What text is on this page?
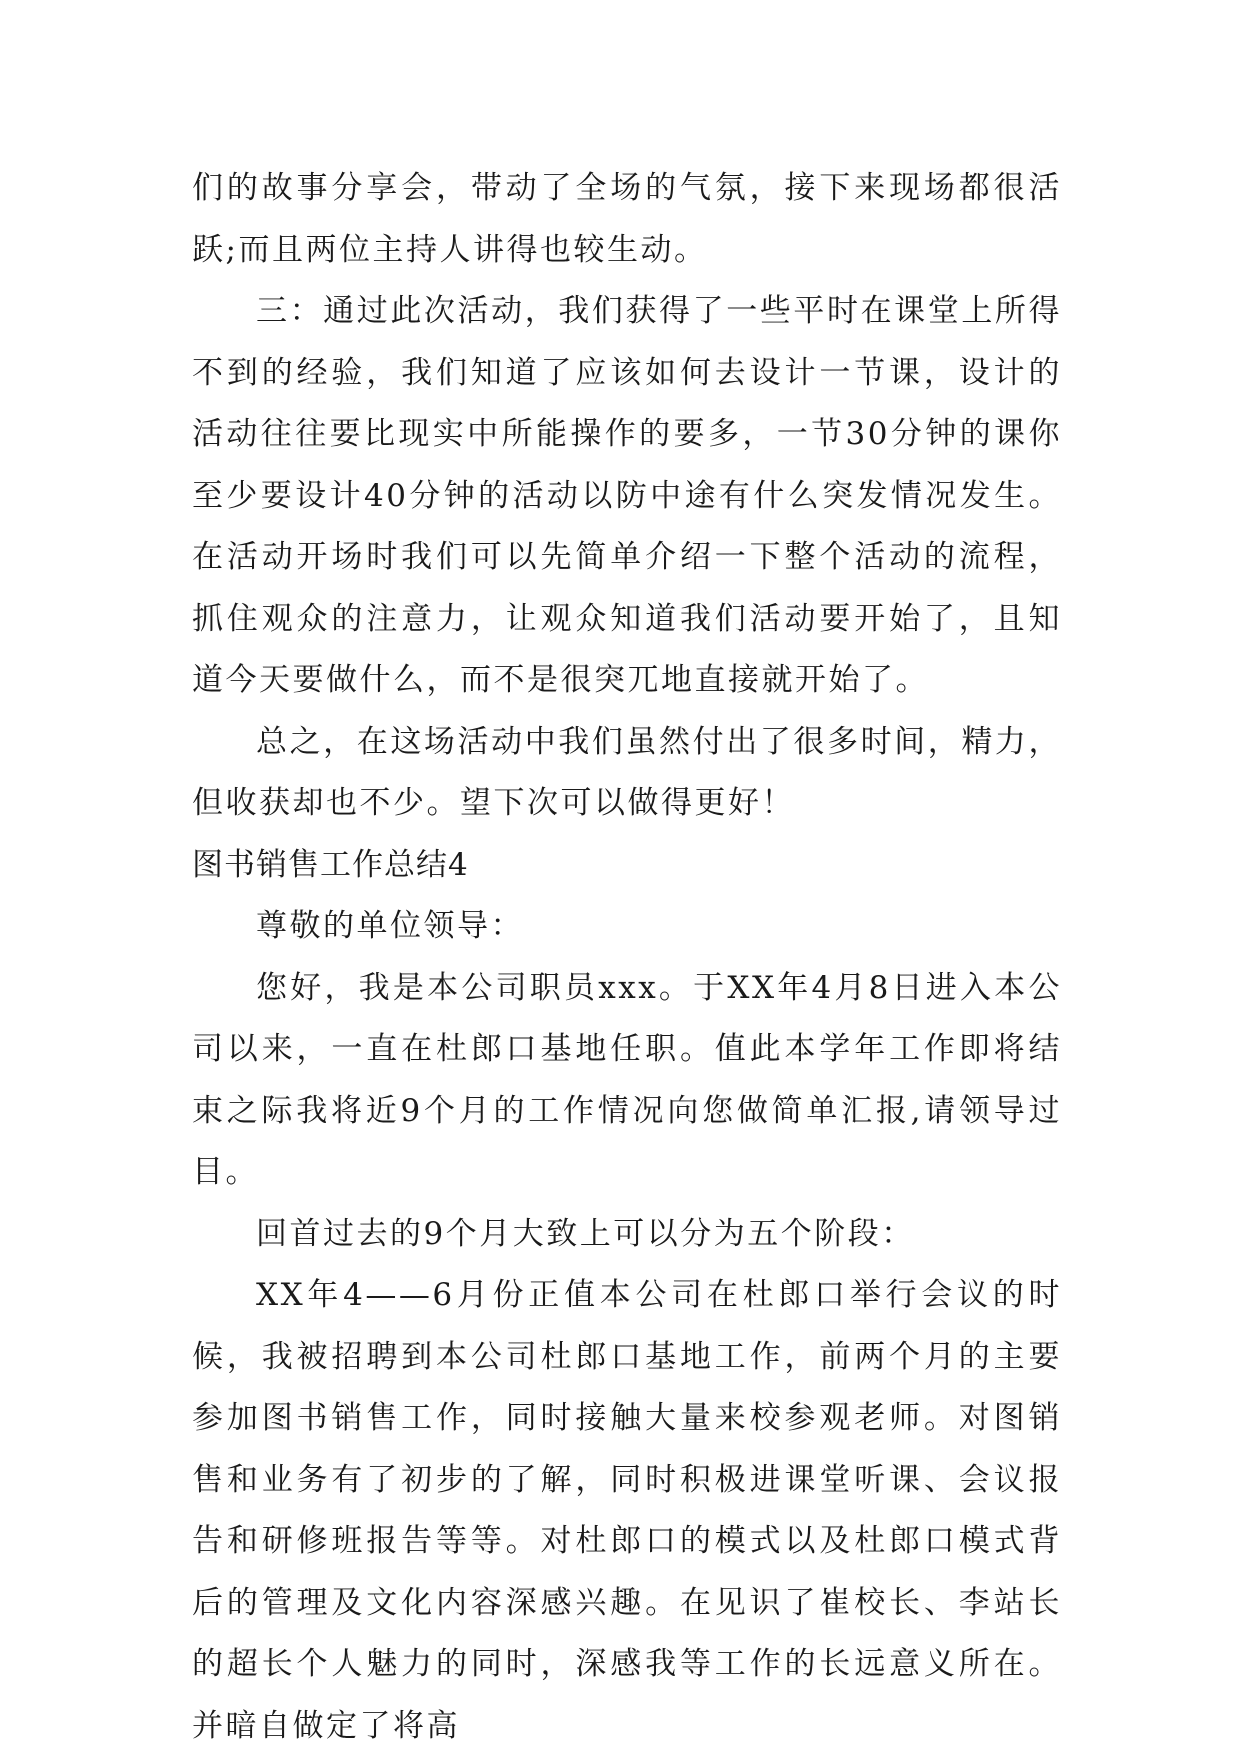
们的故事分享会，带动了全场的气氛，接下来现场都很活跃;而且两位主持人讲得也较生动。

三：通过此次活动，我们获得了一些平时在课堂上所得不到的经验，我们知道了应该如何去设计一节课，设计的活动往往要比现实中所能操作的要多，一节30分钟的课你至少要设计40分钟的活动以防中途有什么突发情况发生。在活动开场时我们可以先简单介绍一下整个活动的流程，抓住观众的注意力，让观众知道我们活动要开始了，且知道今天要做什么，而不是很突兀地直接就开始了。

总之，在这场活动中我们虽然付出了很多时间，精力，但收获却也不少。望下次可以做得更好！

图书销售工作总结4

尊敬的单位领导：

您好，我是本公司职员xxx。于XX年4月8日进入本公司以来，一直在杜郎口基地任职。值此本学年工作即将结束之际我将近9个月的工作情况向您做简单汇报,请领导过目。

回首过去的9个月大致上可以分为五个阶段：

XX年4——6月份正值本公司在杜郎口举行会议的时候，我被招聘到本公司杜郎口基地工作，前两个月的主要参加图书销售工作，同时接触大量来校参观老师。对图销售和业务有了初步的了解，同时积极进课堂听课、会议报告和研修班报告等等。对杜郎口的模式以及杜郎口模式背后的管理及文化内容深感兴趣。在见识了崔校长、李站长的超长个人魅力的同时，深感我等工作的长远意义所在。并暗自做定了将高
